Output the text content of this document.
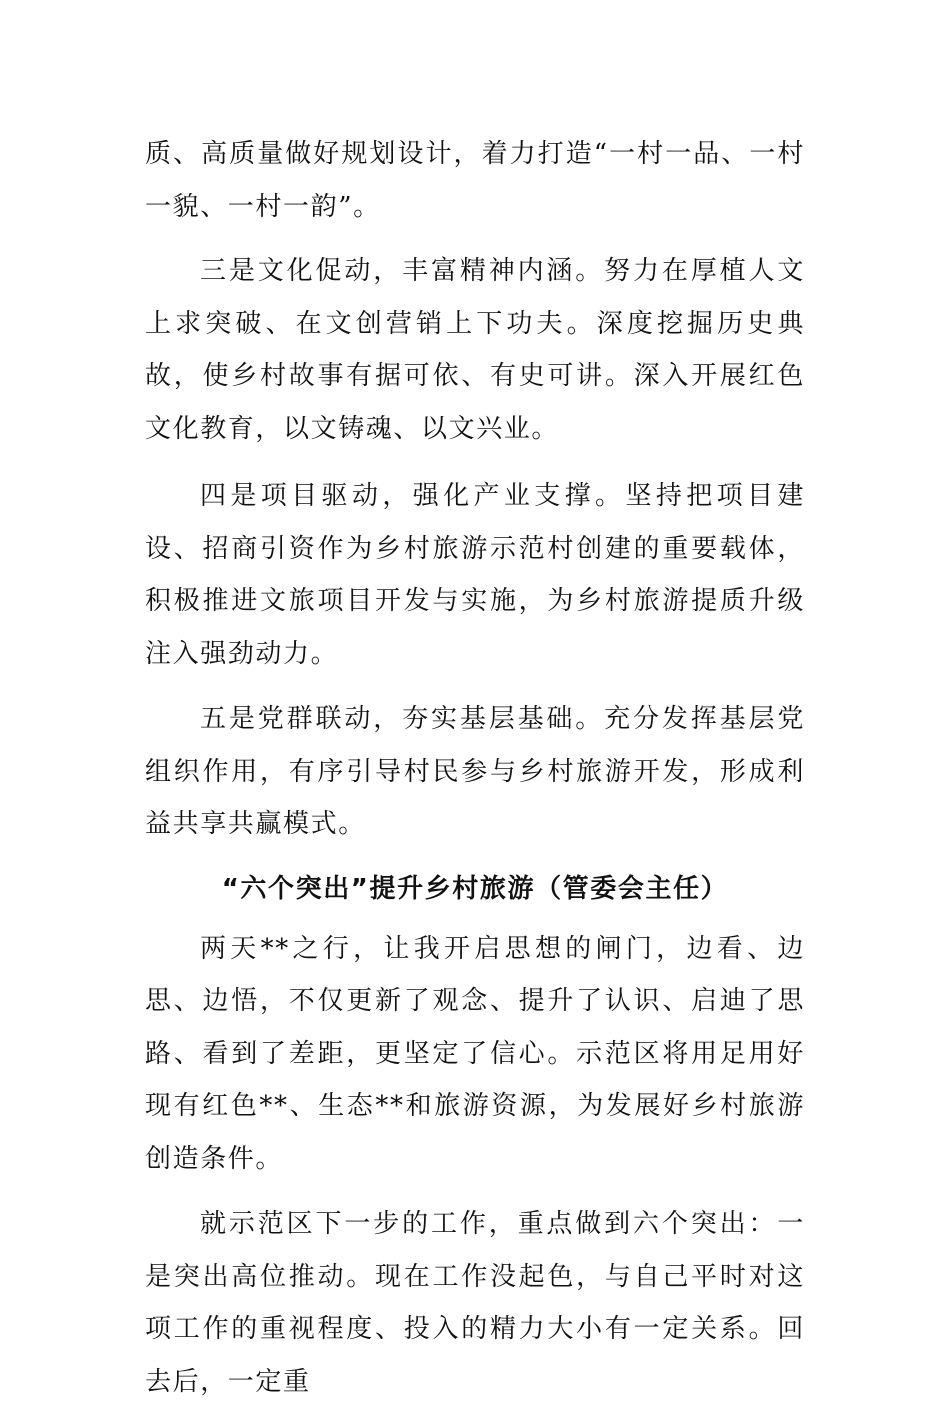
质、高质量做好规划设计，着力打造“一村一品、一村一貌、一村一韵”。

三是文化促动，丰富精神内涵。努力在厚植人文上求突破、在文创营销上下功夫。深度挖掘历史典故，使乡村故事有据可依、有史可讲。深入开展红色文化教育，以文铸魂、以文兴业。

四是项目驱动，强化产业支撑。坚持把项目建设、招商引资作为乡村旅游示范村创建的重要载体，积极推进文旅项目开发与实施，为乡村旅游提质升级注入强劲动力。

五是党群联动，夯实基层基础。充分发挥基层党组织作用，有序引导村民参与乡村旅游开发，形成利益共享共赢模式。

“六个突出”提升乡村旅游（管委会主任）

两天**之行，让我开启思想的闸门，边看、边思、边悟，不仅更新了观念、提升了认识、启迪了思路、看到了差距，更坚定了信心。示范区将用足用好现有红色**、生态**和旅游资源，为发展好乡村旅游创造条件。

就示范区下一步的工作，重点做到六个突出：一是突出高位推动。现在工作没起色，与自己平时对这项工作的重视程度、投入的精力大小有一定关系。回去后，一定重
